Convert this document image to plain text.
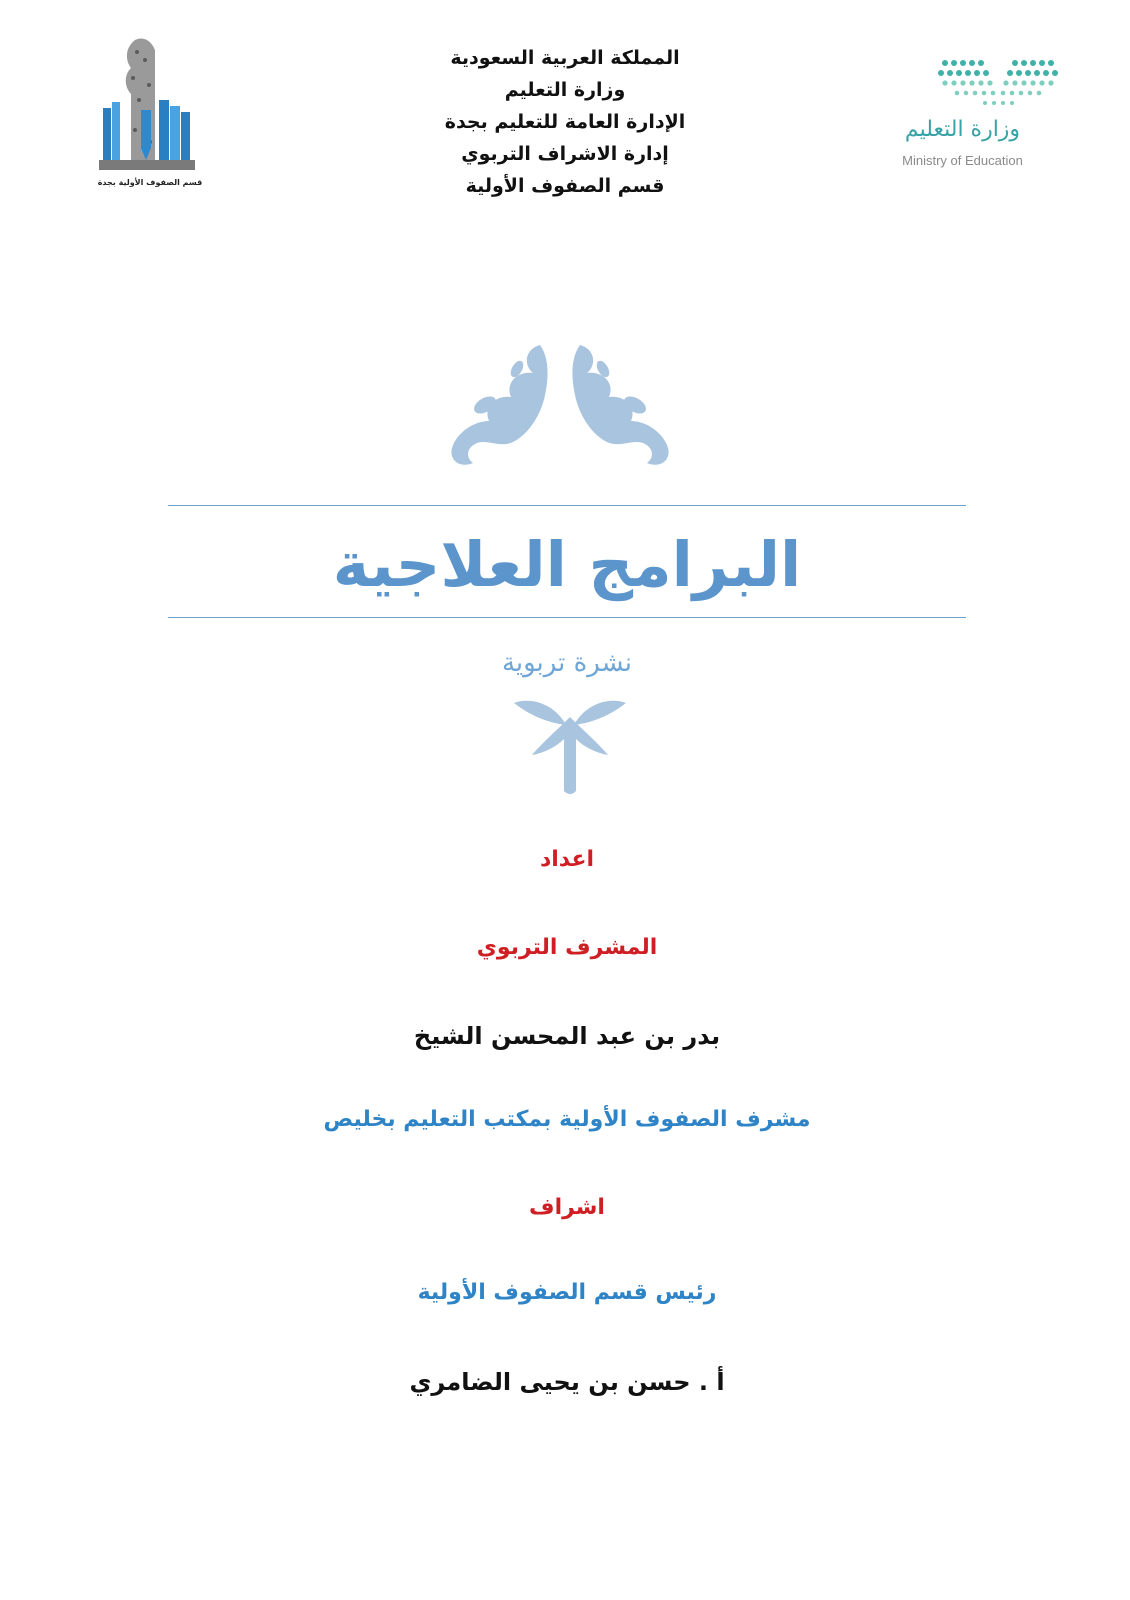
المملكة العربية السعودية
وزارة التعليم
الإدارة العامة للتعليم بجدة
إدارة الاشراف التربوي
قسم الصفوف الأولية
وزارة التعليم
Ministry of Education
قسم الصفوف الأولية بجدة
البرامج العلاجية
نشرة تربوية
اعداد
المشرف التربوي
بدر بن عبد المحسن الشيخ
مشرف الصفوف الأولية بمكتب التعليم بخليص
اشراف
رئيس قسم الصفوف الأولية
أ . حسن بن يحيى الضامري
